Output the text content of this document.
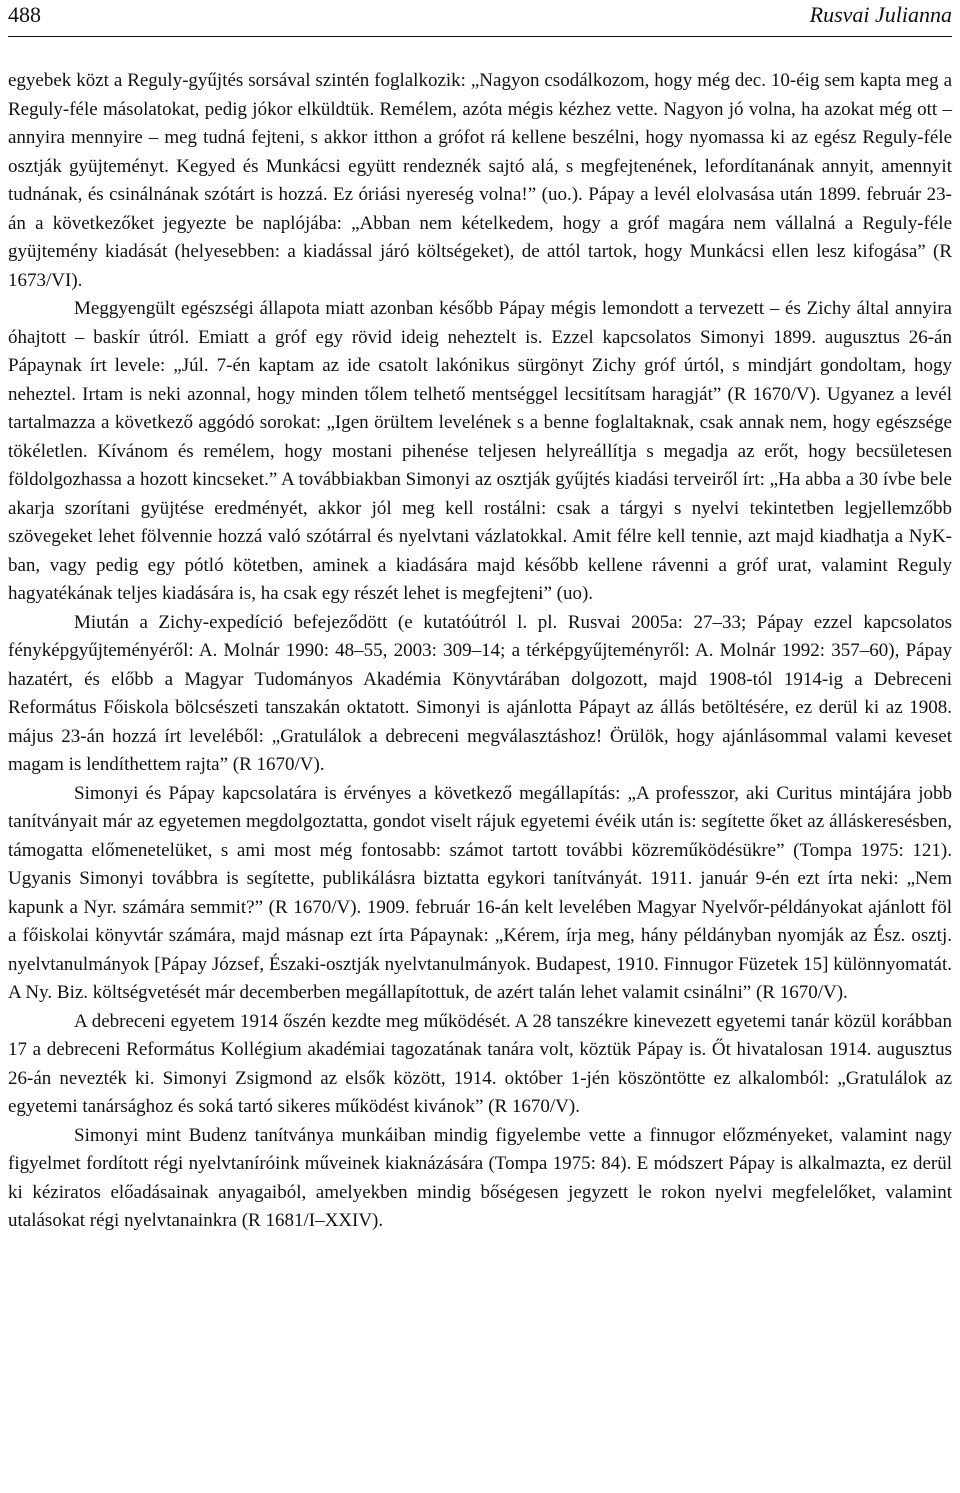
488	Rusvai Julianna

egyebek közt a Reguly-gyűjtés sorsával szintén foglalkozik: „Nagyon csodálkozom, hogy még dec. 10-éig sem kapta meg a Reguly-féle másolatokat, pedig jókor elküldtük. Remélem, azóta mégis kézhez vette. Nagyon jó volna, ha azokat még ott – annyira mennyire – meg tudná fejteni, s akkor itthon a grófot rá kellene beszélni, hogy nyomassa ki az egész Reguly-féle osztják gyüjteményt. Kegyed és Munkácsi együtt rendeznék sajtó alá, s megfejtenének, lefordítanának annyit, amennyit tudnának, és csinálnának szótárt is hozzá. Ez óriási nyereség volna!” (uo.). Pápay a levél elolvasása után 1899. február 23-án a következőket jegyezte be naplójába: „Abban nem kételkedem, hogy a gróf magára nem vállalná a Reguly-féle gyüjtemény kiadását (helyesebben: a kiadással járó költségeket), de attól tartok, hogy Munkácsi ellen lesz kifogása” (R 1673/VI).

Meggyengült egészségi állapota miatt azonban később Pápay mégis lemondott a tervezett – és Zichy által annyira óhajtott – baskír útról. Emiatt a gróf egy rövid ideig neheztelt is. Ezzel kapcsolatos Simonyi 1899. augusztus 26-án Pápaynak írt levele: „Júl. 7-én kaptam az ide csatolt lakónikus sürgönyt Zichy gróf úrtól, s mindjárt gondoltam, hogy neheztel. Irtam is neki azonnal, hogy minden tőlem telhető mentséggel lecsitítsam haragját” (R 1670/V). Ugyanez a levél tartalmazza a következő aggódó sorokat: „Igen örültem levelének s a benne foglaltaknak, csak annak nem, hogy egészsége tökéletlen. Kívánom és remélem, hogy mostani pihenése teljesen helyreállítja s megadja az erőt, hogy becsületesen földolgozhassa a hozott kincseket.” A továbbiakban Simonyi az osztják gyűjtés kiadási terveiről írt: „Ha abba a 30 ívbe bele akarja szorítani gyüjtése eredményét, akkor jól meg kell rostálni: csak a tárgyi s nyelvi tekintetben legjellemzőbb szövegeket lehet fölvennie hozzá való szótárral és nyelvtani vázlatokkal. Amit félre kell tennie, azt majd kiadhatja a NyK-ban, vagy pedig egy pótló kötetben, aminek a kiadására majd később kellene rávenni a gróf urat, valamint Reguly hagyatékának teljes kiadására is, ha csak egy részét lehet is megfejteni” (uo).

Miután a Zichy-expedíció befejeződött (e kutatóútról l. pl. Rusvai 2005a: 27–33; Pápay ezzel kapcsolatos fényképgyűjteményéről: A. Molnár 1990: 48–55, 2003: 309–14; a térképgyűjteményről: A. Molnár 1992: 357–60), Pápay hazatért, és előbb a Magyar Tudományos Akadémia Könyvtárában dolgozott, majd 1908-tól 1914-ig a Debreceni Református Főiskola bölcsészeti tanszakán oktatott. Simonyi is ajánlotta Pápayt az állás betöltésére, ez derül ki az 1908. május 23-án hozzá írt leveléből: „Gratulálok a debreceni megválasztáshoz! Örülök, hogy ajánlásommal valami keveset magam is lendíthettem rajta” (R 1670/V).

Simonyi és Pápay kapcsolatára is érvényes a következő megállapítás: „A professzor, aki Curitus mintájára jobb tanítványait már az egyetemen megdolgoztatta, gondot viselt rájuk egyetemi évéik után is: segítette őket az álláskeresésben, támogatta előmenetelüket, s ami most még fontosabb: számot tartott további közreműködésükre” (Tompa 1975: 121). Ugyanis Simonyi továbbra is segítette, publikálásra biztatta egykori tanítványát. 1911. január 9-én ezt írta neki: „Nem kapunk a Nyr. számára semmit?” (R 1670/V). 1909. február 16-án kelt levelében Magyar Nyelvőr-példányokat ajánlott föl a főiskolai könyvtár számára, majd másnap ezt írta Pápaynak: „Kérem, írja meg, hány példányban nyomják az Ész. osztj. nyelvtanulmányok [Pápay József, Északi-osztják nyelvtanulmányok. Budapest, 1910. Finnugor Füzetek 15] különnyomatát. A Ny. Biz. költségvetését már decemberben megállapítottuk, de azért talán lehet valamit csinálni” (R 1670/V).

A debreceni egyetem 1914 őszén kezdte meg működését. A 28 tanszékre kinevezett egyetemi tanár közül korábban 17 a debreceni Református Kollégium akadémiai tagozatának tanára volt, köztük Pápay is. Őt hivatalosan 1914. augusztus 26-án nevezték ki. Simonyi Zsigmond az elsők között, 1914. október 1-jén köszöntötte ez alkalomból: „Gratulálok az egyetemi tanársághoz és soká tartó sikeres működést kivánok” (R 1670/V).

Simonyi mint Budenz tanítványa munkáiban mindig figyelembe vette a finnugor előzményeket, valamint nagy figyelmet fordított régi nyelvtaníróink műveinek kiaknázására (Tompa 1975: 84). E módszert Pápay is alkalmazta, ez derül ki kéziratos előadásainak anyagaiból, amelyekben mindig bőségesen jegyzett le rokon nyelvi megfelelőket, valamint utalásokat régi nyelvtanainkra (R 1681/I–XXIV).
